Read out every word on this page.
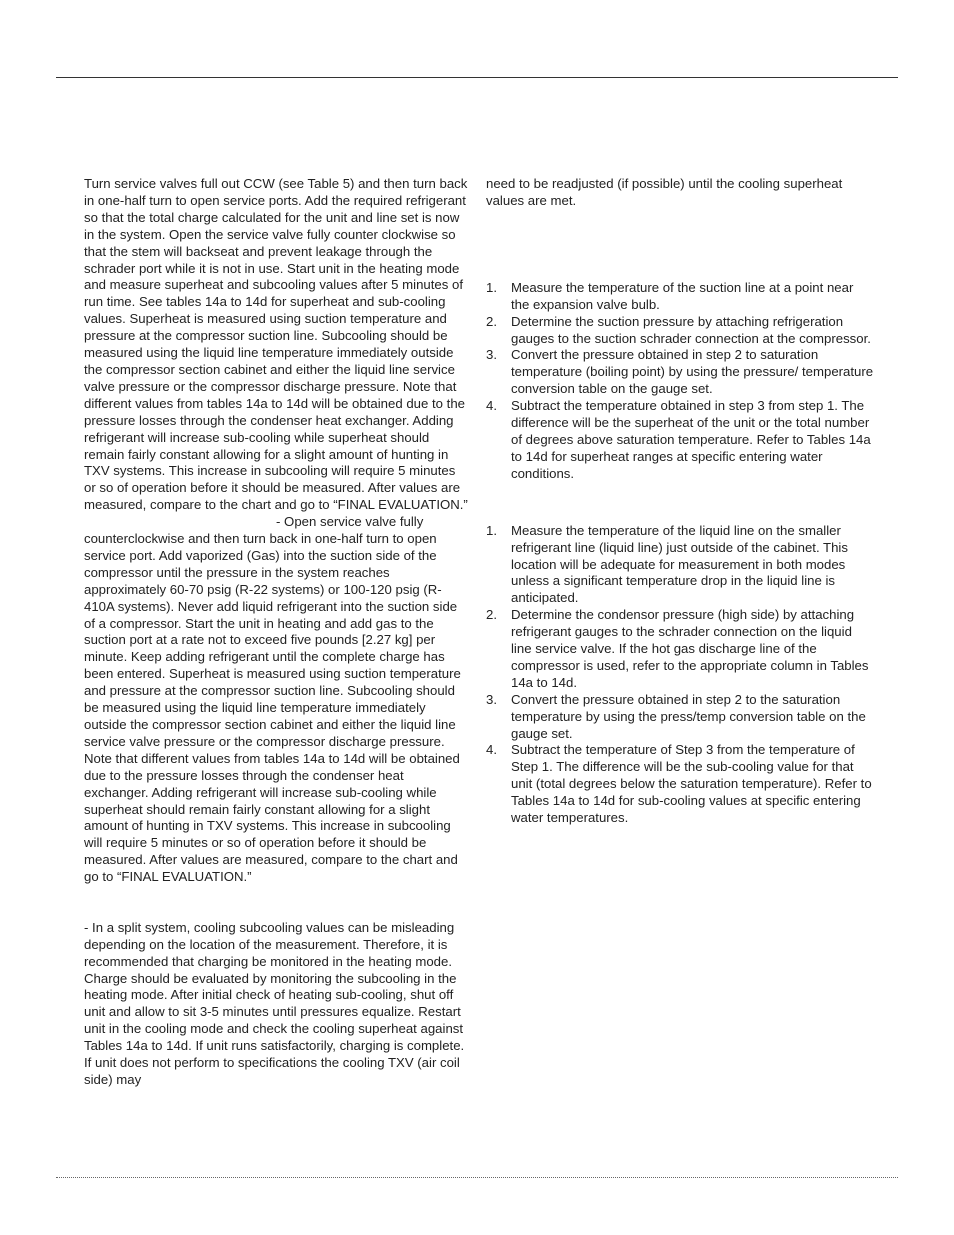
Turn service valves full out CCW (see Table 5) and then turn back in one-half turn to open service ports. Add the required refrigerant so that the total charge calculated for the unit and line set is now in the system. Open the service valve fully counter clockwise so that the stem will backseat and prevent leakage through the schrader port while it is not in use. Start unit in the heating mode and measure superheat and subcooling values after 5 minutes of run time. See tables 14a to 14d for superheat and sub-cooling values. Superheat is measured using suction temperature and pressure at the compressor suction line. Subcooling should be measured using the liquid line temperature immediately outside the compressor section cabinet and either the liquid line service valve pressure or the compressor discharge pressure. Note that different values from tables 14a to 14d will be obtained due to the pressure losses through the condenser heat exchanger. Adding refrigerant will increase sub-cooling while superheat should remain fairly constant allowing for a slight amount of hunting in TXV systems. This increase in subcooling will require 5 minutes or so of operation before it should be measured. After values are measured, compare to the chart and go to “FINAL EVALUATION.”

- Open service valve fully counterclockwise and then turn back in one-half turn to open service port. Add vaporized (Gas) into the suction side of the compressor until the pressure in the system reaches approximately 60-70 psig (R-22 systems) or 100-120 psig (R-410A systems). Never add liquid refrigerant into the suction side of a compressor. Start the unit in heating and add gas to the suction port at a rate not to exceed five pounds [2.27 kg] per minute. Keep adding refrigerant until the complete charge has been entered. Superheat is measured using suction temperature and pressure at the compressor suction line. Subcooling should be measured using the liquid line temperature immediately outside the compressor section cabinet and either the liquid line service valve pressure or the compressor discharge pressure. Note that different values from tables 14a to 14d will be obtained due to the pressure losses through the condenser heat exchanger. Adding refrigerant will increase sub-cooling while superheat should remain fairly constant allowing for a slight amount of hunting in TXV systems. This increase in subcooling will require 5 minutes or so of operation before it should be measured. After values are measured, compare to the chart and go to “FINAL EVALUATION.”

- In a split system, cooling subcooling values can be misleading depending on the location of the measurement. Therefore, it is recommended that charging be monitored in the heating mode. Charge should be evaluated by monitoring the subcooling in the heating mode. After initial check of heating sub-cooling, shut off unit and allow to sit 3-5 minutes until pressures equalize. Restart unit in the cooling mode and check the cooling superheat against Tables 14a to 14d. If unit runs satisfactorily, charging is complete. If unit does not perform to specifications the cooling TXV (air coil side) may

need to be readjusted (if possible) until the cooling superheat values are met.

1. Measure the temperature of the suction line at a point near the expansion valve bulb.
2. Determine the suction pressure by attaching refrigeration gauges to the suction schrader connection at the compressor.
3. Convert the pressure obtained in step 2 to saturation temperature (boiling point) by using the pressure/ temperature conversion table on the gauge set.
4. Subtract the temperature obtained in step 3 from step 1. The difference will be the superheat of the unit or the total number of degrees above saturation temperature. Refer to Tables 14a to 14d for superheat ranges at specific entering water conditions.
1. Measure the temperature of the liquid line on the smaller refrigerant line (liquid line) just outside of the cabinet. This location will be adequate for measurement in both modes unless a significant temperature drop in the liquid line is anticipated.
2. Determine the condensor pressure (high side) by attaching refrigerant gauges to the schrader connection on the liquid line service valve. If the hot gas discharge line of the compressor is used, refer to the appropriate column in Tables 14a to 14d.
3. Convert the pressure obtained in step 2 to the saturation temperature by using the press/temp conversion table on the gauge set.
4. Subtract the temperature of Step 3 from the temperature of Step 1. The difference will be the sub-cooling value for that unit (total degrees below the saturation temperature). Refer to Tables 14a to 14d for sub-cooling values at specific entering water temperatures.
